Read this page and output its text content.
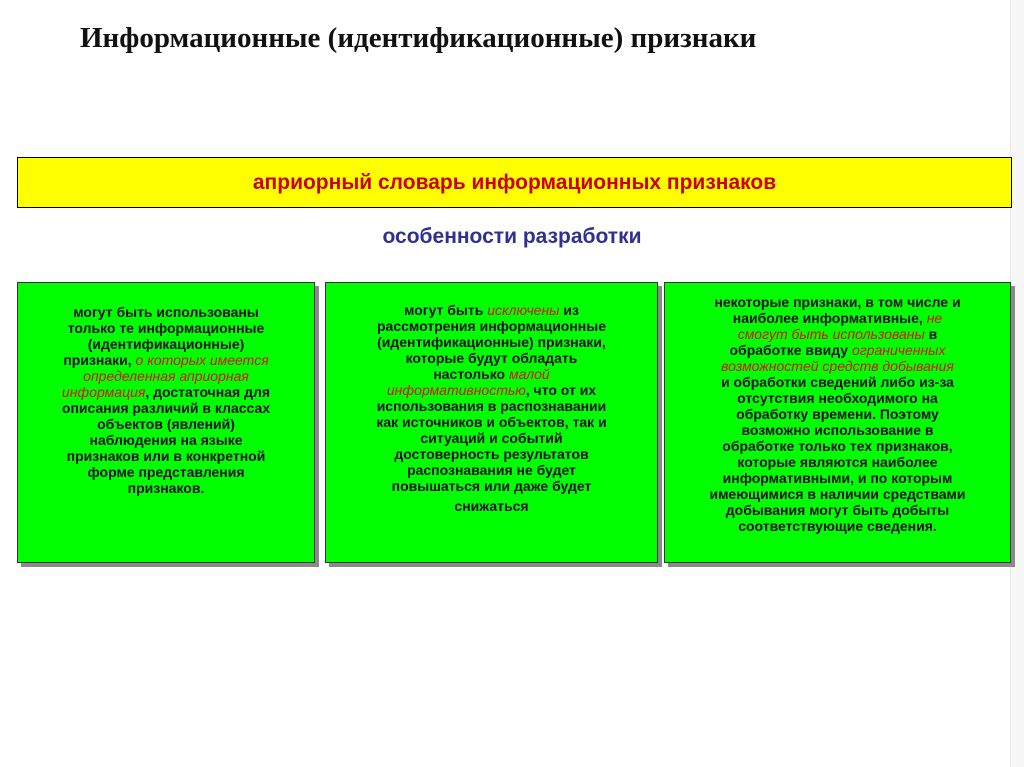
Информационные (идентификационные) признаки
априорный словарь информационных признаков
особенности разработки

могут быть использованы

только те информационные

(идентификационные)

признаки, о которых имеется

определенная априорная

информация, достаточная для

описания различий в классах

объектов (явлений)

наблюдения на языке

признаков или в конкретной

форме представления

признаков.

могут быть исключены из

рассмотрения информационные

(идентификационные) признаки,

которые будут обладать

настолько малой

информативностью, что от их

использования в распознавании

как источников и объектов, так и

ситуаций и событий

достоверность результатов

распознавания не будет

повышаться или даже будет

снижаться

некоторые признаки, в том числе и

наиболее информативные, не

смогут быть использованы в

обработке ввиду ограниченных

возможностей средств добывания

и обработки сведений либо из-за

отсутствия необходимого на

обработку времени. Поэтому

возможно использование в

обработке только тех признаков,

которые являются наиболее

информативными, и по которым

имеющимися в наличии средствами

добывания могут быть добыты

соответствующие сведения.
